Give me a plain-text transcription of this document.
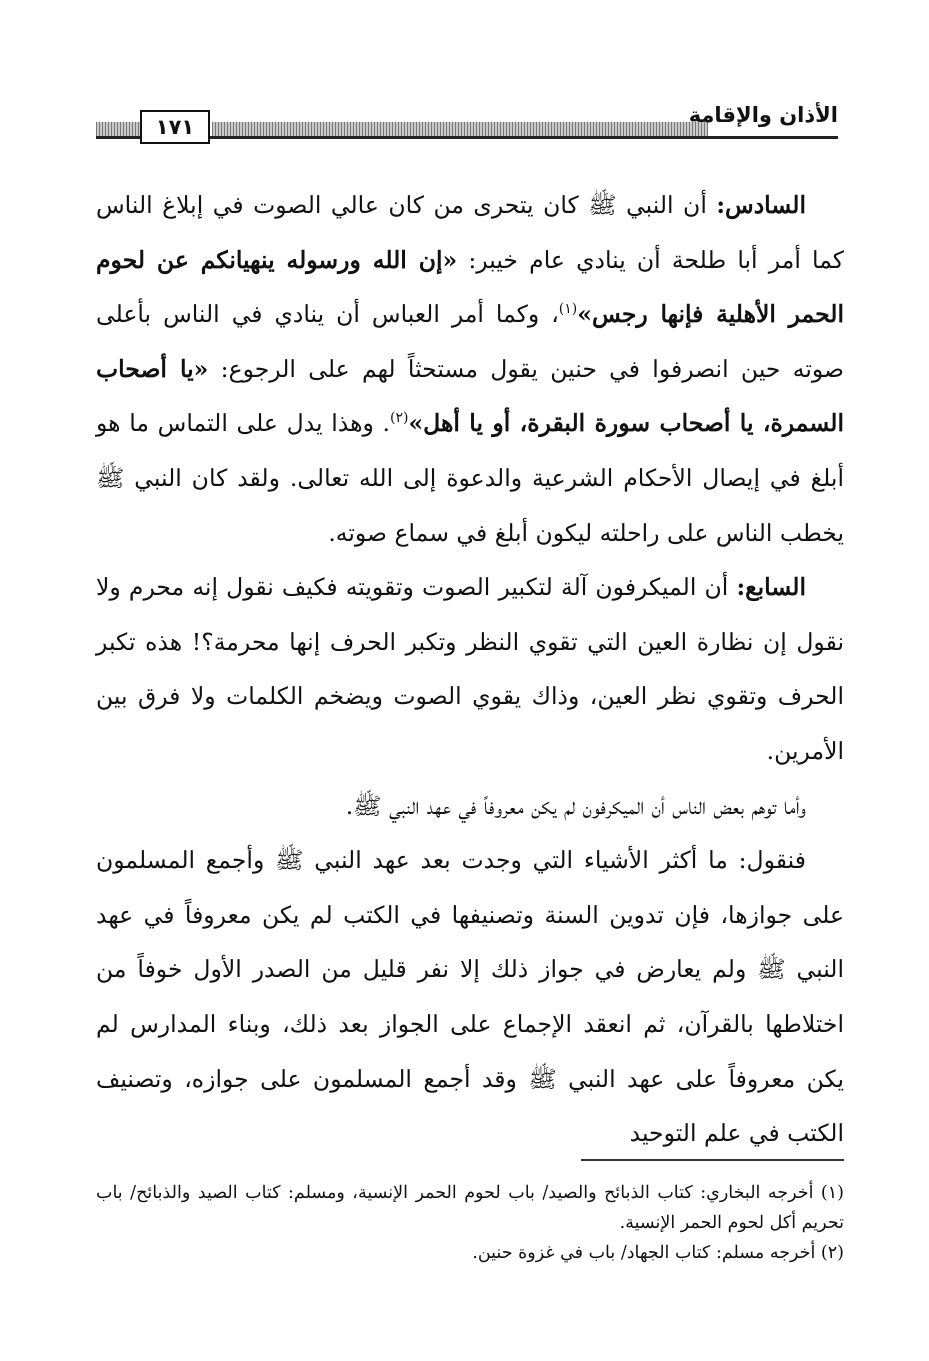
١٧١	الأذان والإقامة

السادس: أن النبي ﷺ كان يتحرى من كان عالي الصوت في إبلاغ الناس كما أمر أبا طلحة أن ينادي عام خيبر: «إن الله ورسوله ينهيانكم عن لحوم الحمر الأهلية فإنها رجس»$^{(١)}$، وكما أمر العباس أن ينادي في الناس بأعلى صوته حين انصرفوا في حنين يقول مستحثاً لهم على الرجوع: «يا أصحاب السمرة، يا أصحاب سورة البقرة، أو يا أهل»$^{(٢)}$. وهذا يدل على التماس ما هو أبلغ في إيصال الأحكام الشرعية والدعوة إلى الله تعالى. ولقد كان النبي ﷺ يخطب الناس على راحلته ليكون أبلغ في سماع صوته.

السابع: أن الميكرفون آلة لتكبير الصوت وتقويته فكيف نقول إنه محرم ولا نقول إن نظارة العين التي تقوي النظر وتكبر الحرف إنها محرمة؟! هذه تكبر الحرف وتقوي نظر العين، وذاك يقوي الصوت ويضخم الكلمات ولا فرق بين الأمرين.

وأما توهم بعض الناس أن الميكرفون لم يكن معروفاً في عهد النبي ﷺ.

فنقول: ما أكثر الأشياء التي وجدت بعد عهد النبي ﷺ وأجمع المسلمون على جوازها، فإن تدوين السنة وتصنيفها في الكتب لم يكن معروفاً في عهد النبي ﷺ ولم يعارض في جواز ذلك إلا نفر قليل من الصدر الأول خوفاً من اختلاطها بالقرآن، ثم انعقد الإجماع على الجواز بعد ذلك، وبناء المدارس لم يكن معروفاً على عهد النبي ﷺ وقد أجمع المسلمون على جوازه، وتصنيف الكتب في علم التوحيد

(١) أخرجه البخاري: كتاب الذبائح والصيد/ باب لحوم الحمر الإنسية، ومسلم: كتاب الصيد والذبائح/ باب تحريم أكل لحوم الحمر الإنسية.

(٢) أخرجه مسلم: كتاب الجهاد/ باب في غزوة حنين.
